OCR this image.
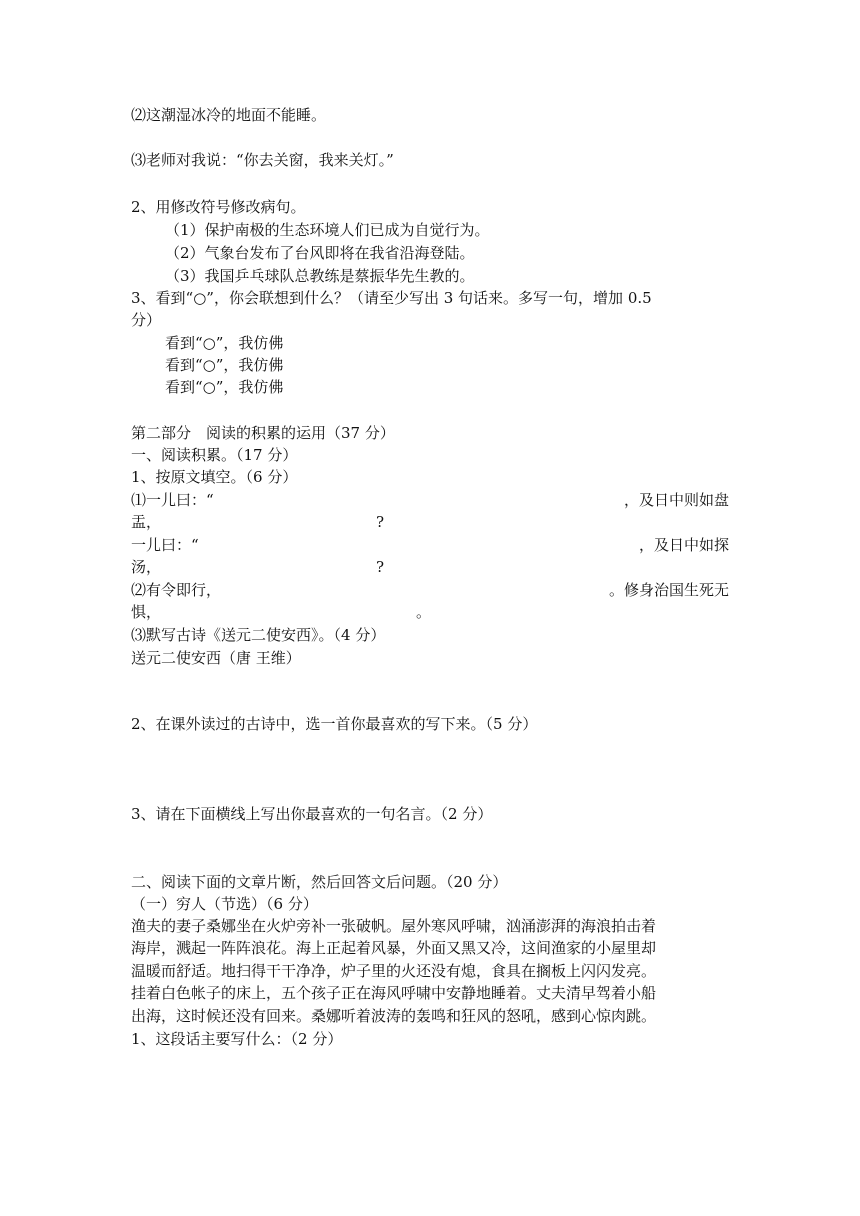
⑵这潮湿冰冷的地面不能睡。
⑶老师对我说：“你去关窗，我来关灯。”
2、用修改符号修改病句。
（1）保护南极的生态环境人们已成为自觉行为。
（2）气象台发布了台风即将在我省沿海登陆。
（3）我国乒乓球队总教练是蔡振华先生教的。
3、看到“○”，你会联想到什么？（请至少写出 3 句话来。多写一句，增加 0.5
分）
看到“○”，我仿佛
看到“○”，我仿佛
看到“○”，我仿佛
第二部分　阅读的积累的运用（37 分）
一、阅读积累。（17 分）
1、按原文填空。（6 分）
⑴一儿曰：“	，及日中则如盘
盂，	?
一儿曰：“	，及日中如探
汤，	?
⑵有令即行，	。修身治国生死无
惧，	。
⑶默写古诗《送元二使安西》。（4 分）
送元二使安西（唐 王维）
2、在课外读过的古诗中，选一首你最喜欢的写下来。（5 分）
3、请在下面横线上写出你最喜欢的一句名言。（2 分）
二、阅读下面的文章片断，然后回答文后问题。（20 分）
（一）穷人（节选）（6 分）
渔夫的妻子桑娜坐在火炉旁补一张破帆。屋外寒风呼啸，汹涌澎湃的海浪拍击着
海岸，溅起一阵阵浪花。海上正起着风暴，外面又黑又冷，这间渔家的小屋里却
温暖而舒适。地扫得干干净净，炉子里的火还没有熄，食具在搁板上闪闪发亮。
挂着白色帐子的床上，五个孩子正在海风呼啸中安静地睡着。丈夫清早驾着小船
出海，这时候还没有回来。桑娜听着波涛的轰鸣和狂风的怒吼，感到心惊肉跳。
1、这段话主要写什么：（2 分）
